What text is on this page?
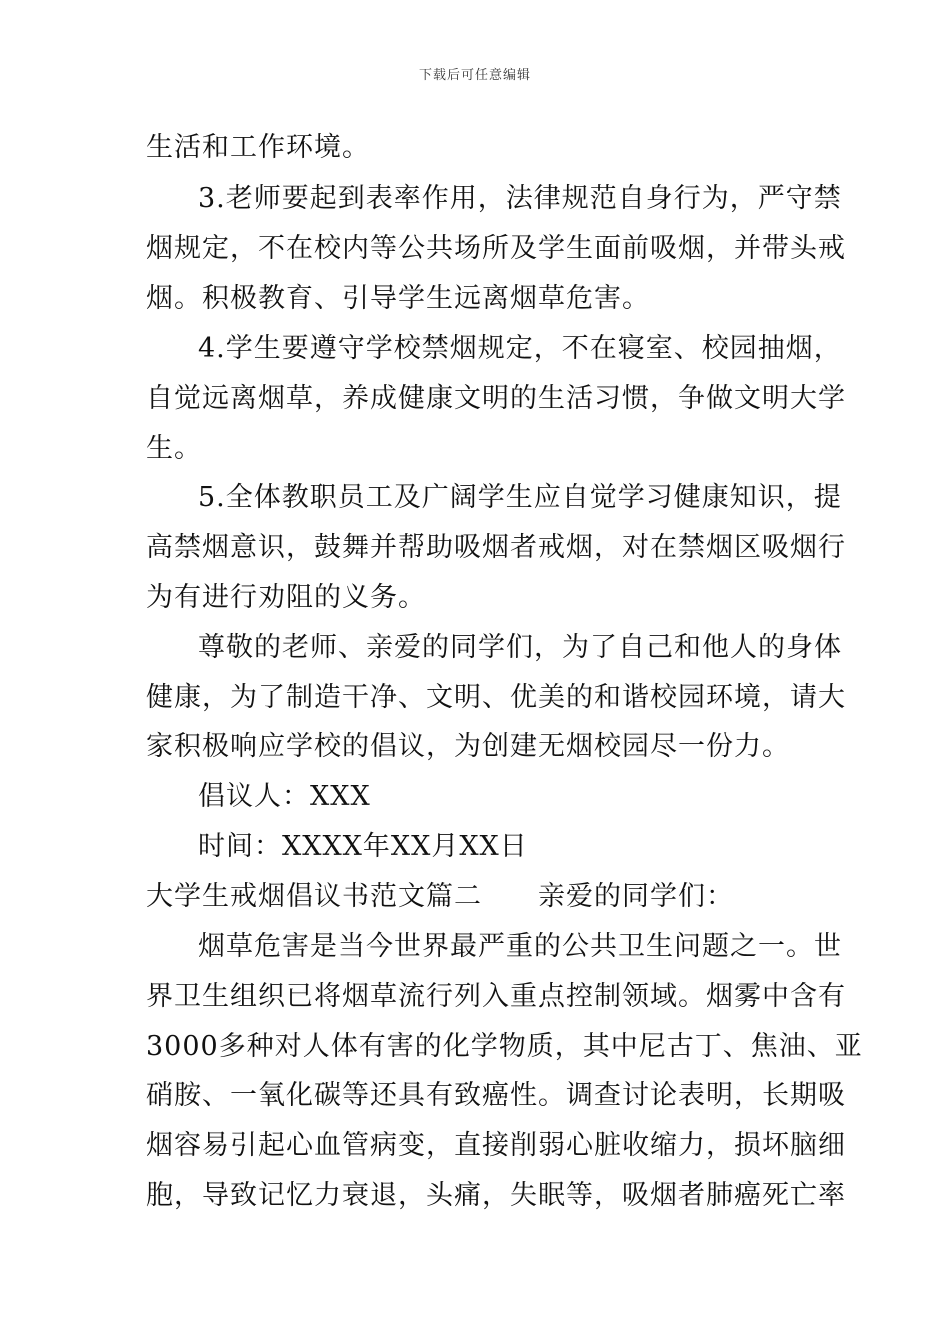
下载后可任意编辑
生活和工作环境。
3.老师要起到表率作用，法律规范自身行为，严守禁
烟规定，不在校内等公共场所及学生面前吸烟，并带头戒
烟。积极教育、引导学生远离烟草危害。
4.学生要遵守学校禁烟规定，不在寝室、校园抽烟，
自觉远离烟草，养成健康文明的生活习惯，争做文明大学
生。
5.全体教职员工及广阔学生应自觉学习健康知识，提
高禁烟意识，鼓舞并帮助吸烟者戒烟，对在禁烟区吸烟行
为有进行劝阻的义务。
尊敬的老师、亲爱的同学们，为了自己和他人的身体
健康，为了制造干净、文明、优美的和谐校园环境，请大
家积极响应学校的倡议，为创建无烟校园尽一份力。
倡议人：XXX
时间：XXXX年XX月XX日
大学生戒烟倡议书范文篇二　　亲爱的同学们：
烟草危害是当今世界最严重的公共卫生问题之一。世
界卫生组织已将烟草流行列入重点控制领域。烟雾中含有
3000多种对人体有害的化学物质，其中尼古丁、焦油、亚
硝胺、一氧化碳等还具有致癌性。调查讨论表明，长期吸
烟容易引起心血管病变，直接削弱心脏收缩力，损坏脑细
胞，导致记忆力衰退，头痛，失眠等，吸烟者肺癌死亡率
